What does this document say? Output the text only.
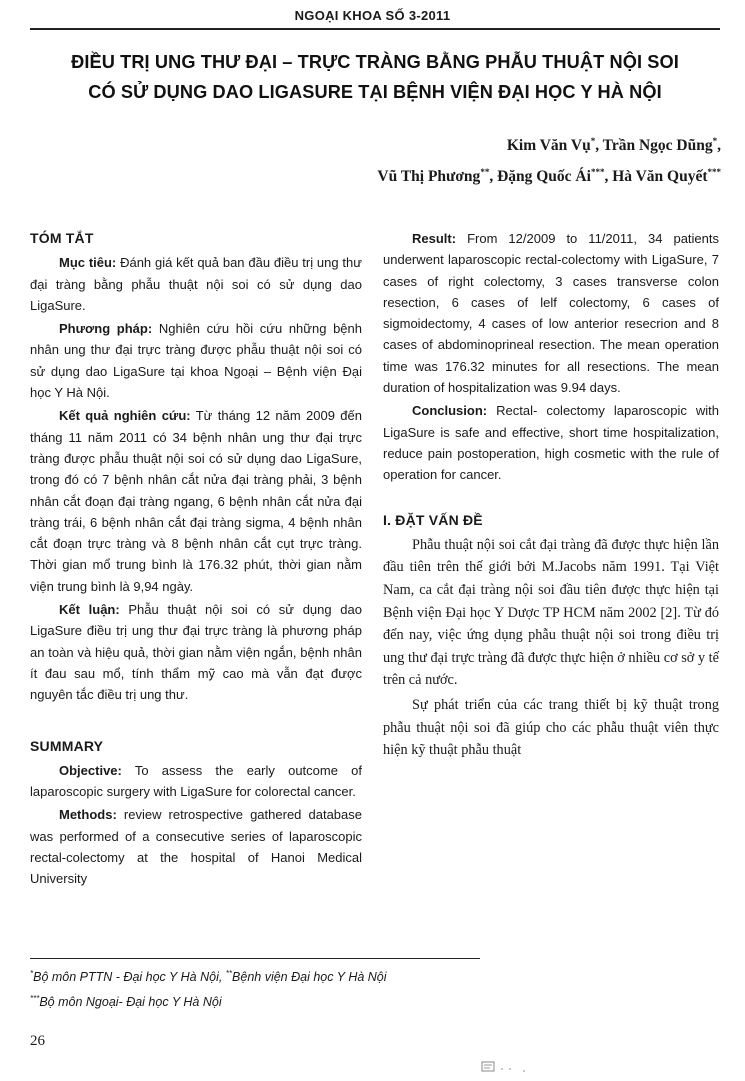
NGOẠI KHOA SỐ 3-2011
ĐIỀU TRỊ UNG THƯ ĐẠI – TRỰC TRÀNG BẰNG PHẪU THUẬT NỘI SOI
CÓ SỬ DỤNG DAO LIGASURE TẠI BỆNH VIỆN ĐẠI HỌC Y HÀ NỘI
Kim Văn Vụ*, Trần Ngọc Dũng*,
Vũ Thị Phương**, Đặng Quốc Ái***, Hà Văn Quyết***
TÓM TẮT

Mục tiêu: Đánh giá kết quả ban đầu điều trị ung thư đại tràng bằng phẫu thuật nội soi có sử dụng dao LigaSure.

Phương pháp: Nghiên cứu hồi cứu những bệnh nhân ung thư đại trực tràng được phẫu thuật nội soi có sử dụng dao LigaSure tại khoa Ngoại – Bệnh viện Đại học Y Hà Nội.

Kết quả nghiên cứu: Từ tháng 12 năm 2009 đến tháng 11 năm 2011 có 34 bệnh nhân ung thư đại trực tràng được phẫu thuật nội soi có sử dụng dao LigaSure, trong đó có 7 bệnh nhân cắt nửa đại tràng phải, 3 bệnh nhân cắt đoạn đại tràng ngang, 6 bệnh nhân cắt nửa đại tràng trái, 6 bệnh nhân cắt đại tràng sigma, 4 bệnh nhân cắt đoạn trực tràng và 8 bệnh nhân cắt cụt trực tràng. Thời gian mổ trung bình là 176.32 phút, thời gian nằm viện trung bình là 9,94 ngày.

Kết luận: Phẫu thuật nội soi có sử dụng dao LigaSure điều trị ung thư đại trực tràng là phương pháp an toàn và hiệu quả, thời gian nằm viện ngắn, bệnh nhân ít đau sau mổ, tính thẩm mỹ cao mà vẫn đạt được nguyên tắc điều trị ung thư.

SUMMARY

Objective: To assess the early outcome of laparoscopic surgery with LigaSure for colorectal cancer.

Methods: review retrospective gathered database was performed of a consecutive series of laparoscopic rectal-colectomy at the hospital of Hanoi Medical University

Result: From 12/2009 to 11/2011, 34 patients underwent laparoscopic rectal-colectomy with LigaSure, 7 cases of right colectomy, 3 cases transverse colon resection, 6 cases of lelf colectomy, 6 cases of sigmoidectomy, 4 cases of low anterior resecrion and 8 cases of abdominoprineal resection. The mean operation time was 176.32 minutes for all resections. The mean duration of hospitalization was 9.94 days.

Conclusion: Rectal- colectomy laparoscopic with LigaSure is safe and effective, short time hospitalization, reduce pain postoperation, high cosmetic with the rule of operation for cancer.

I. ĐẶT VẤN ĐỀ

Phẫu thuật nội soi cắt đại tràng đã được thực hiện lần đầu tiên trên thế giới bởi M.Jacobs năm 1991. Tại Việt Nam, ca cắt đại tràng nội soi đầu tiên được thực hiện tại Bệnh viện Đại học Y Dược TP HCM năm 2002 [2]. Từ đó đến nay, việc ứng dụng phẫu thuật nội soi trong điều trị ung thư đại trực tràng đã được thực hiện ở nhiều cơ sở y tế trên cả nước.

Sự phát triển của các trang thiết bị kỹ thuật trong phẫu thuật nội soi đã giúp cho các phẫu thuật viên thực hiện kỹ thuật phẫu thuật

*Bộ môn PTTN - Đại học Y Hà Nội, **Bệnh viện Đại học Y Hà Nội
***Bộ môn Ngoại- Đại học Y Hà Nội
26
